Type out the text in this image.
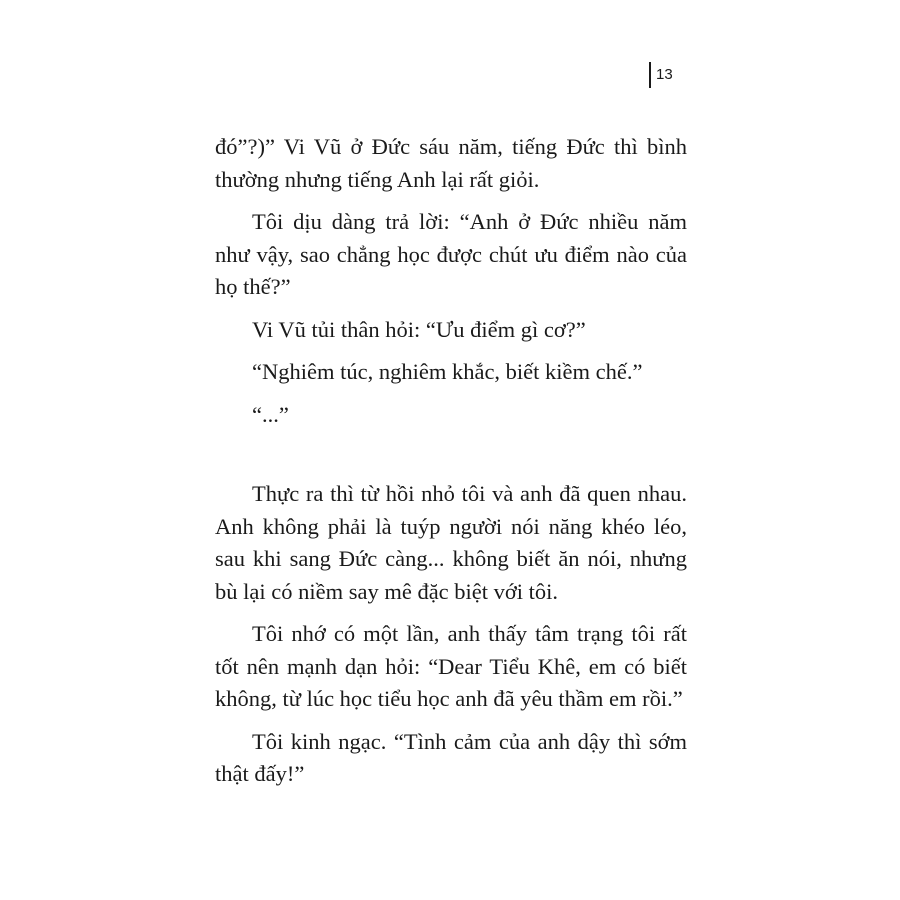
13

đó”?)” Vi Vũ ở Đức sáu năm, tiếng Đức thì bình thường nhưng tiếng Anh lại rất giỏi.

Tôi dịu dàng trả lời: “Anh ở Đức nhiều năm như vậy, sao chẳng học được chút ưu điểm nào của họ thế?”

Vi Vũ tủi thân hỏi: “Ưu điểm gì cơ?”

“Nghiêm túc, nghiêm khắc, biết kiềm chế.”

“...”

Thực ra thì từ hồi nhỏ tôi và anh đã quen nhau. Anh không phải là tuýp người nói năng khéo léo, sau khi sang Đức càng... không biết ăn nói, nhưng bù lại có niềm say mê đặc biệt với tôi.

Tôi nhớ có một lần, anh thấy tâm trạng tôi rất tốt nên mạnh dạn hỏi: “Dear Tiểu Khê, em có biết không, từ lúc học tiểu học anh đã yêu thầm em rồi.”

Tôi kinh ngạc. “Tình cảm của anh dậy thì sớm thật đấy!”
